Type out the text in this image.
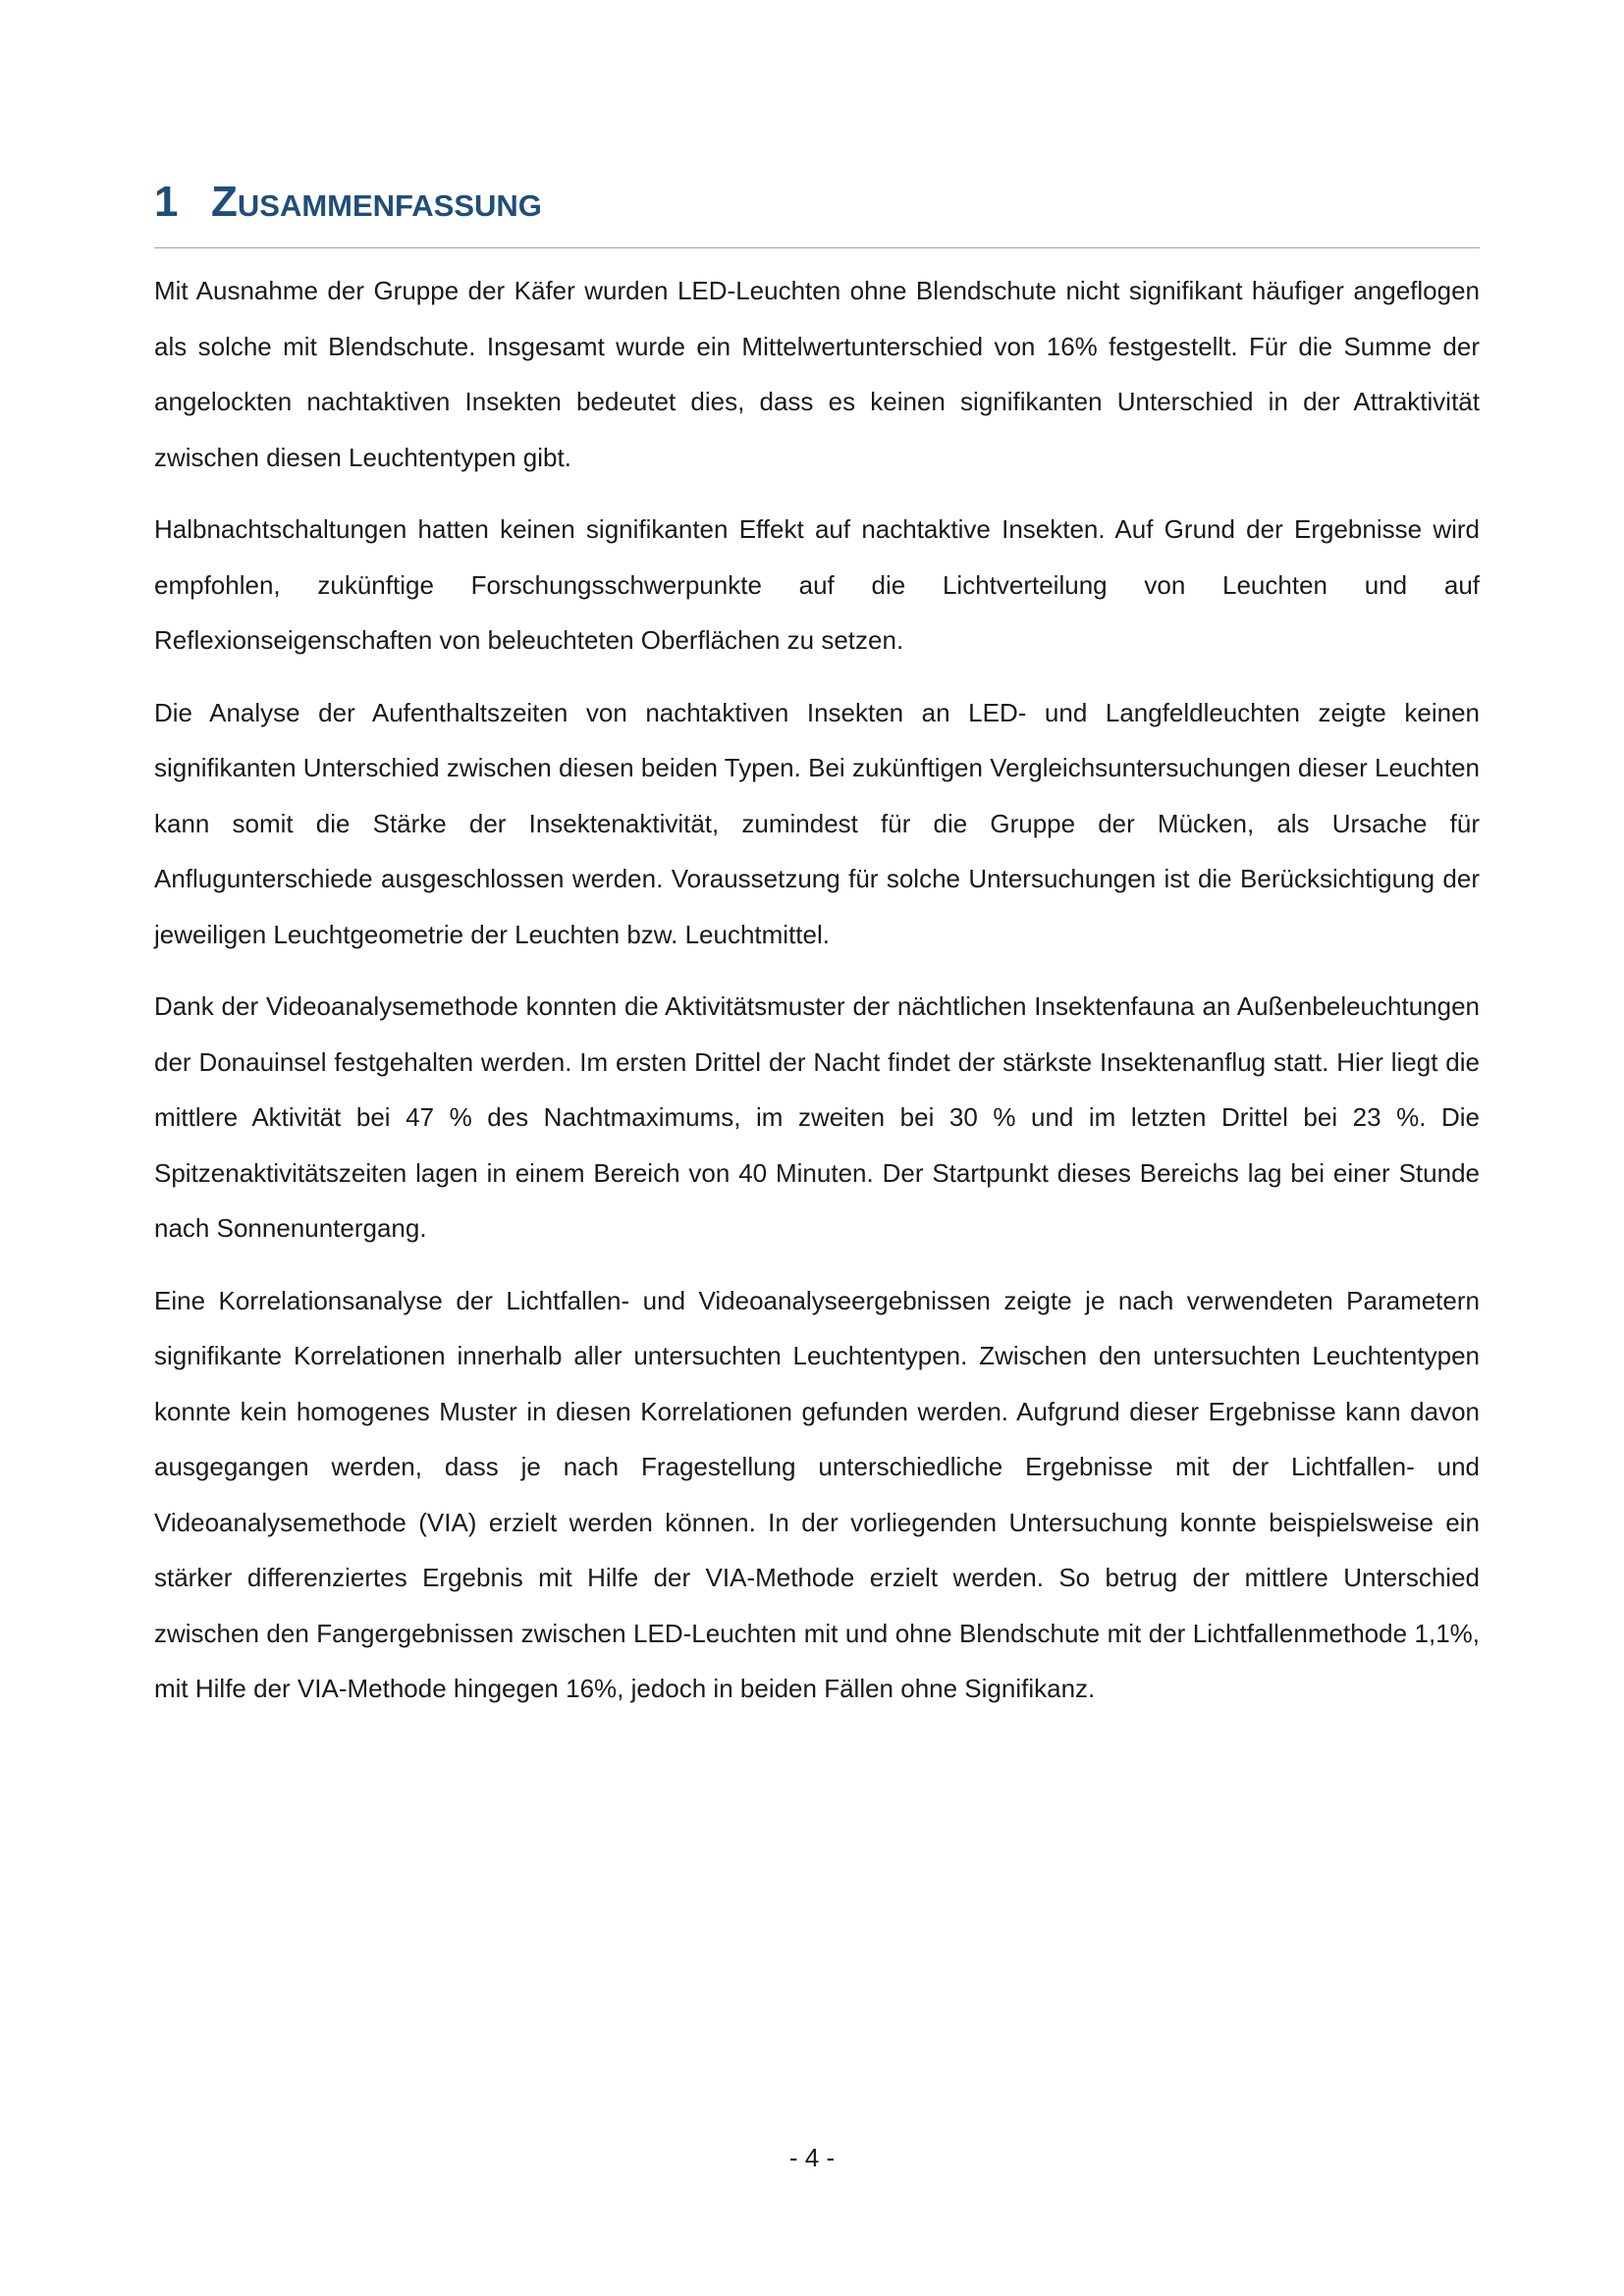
1 Zusammenfassung

Mit Ausnahme der Gruppe der Käfer wurden LED-Leuchten ohne Blendschute nicht signifikant häufiger angeflogen als solche mit Blendschute. Insgesamt wurde ein Mittelwertunterschied von 16% festgestellt. Für die Summe der angelockten nachtaktiven Insekten bedeutet dies, dass es keinen signifikanten Unterschied in der Attraktivität zwischen diesen Leuchtentypen gibt.

Halbnachtschaltungen hatten keinen signifikanten Effekt auf nachtaktive Insekten. Auf Grund der Ergebnisse wird empfohlen, zukünftige Forschungsschwerpunkte auf die Lichtverteilung von Leuchten und auf Reflexionseigenschaften von beleuchteten Oberflächen zu setzen.

Die Analyse der Aufenthaltszeiten von nachtaktiven Insekten an LED- und Langfeldleuchten zeigte keinen signifikanten Unterschied zwischen diesen beiden Typen. Bei zukünftigen Vergleichsuntersuchungen dieser Leuchten kann somit die Stärke der Insektenaktivität, zumindest für die Gruppe der Mücken, als Ursache für Anflugunterschiede ausgeschlossen werden. Voraussetzung für solche Untersuchungen ist die Berücksichtigung der jeweiligen Leuchtgeometrie der Leuchten bzw. Leuchtmittel.

Dank der Videoanalysemethode konnten die Aktivitätsmuster der nächtlichen Insektenfauna an Außenbeleuchtungen der Donauinsel festgehalten werden. Im ersten Drittel der Nacht findet der stärkste Insektenanflug statt. Hier liegt die mittlere Aktivität bei 47 % des Nachtmaximums, im zweiten bei 30 % und im letzten Drittel bei 23 %. Die Spitzenaktivitätszeiten lagen in einem Bereich von 40 Minuten. Der Startpunkt dieses Bereichs lag bei einer Stunde nach Sonnenuntergang.

Eine Korrelationsanalyse der Lichtfallen- und Videoanalyseergebnissen zeigte je nach verwendeten Parametern signifikante Korrelationen innerhalb aller untersuchten Leuchtentypen. Zwischen den untersuchten Leuchtentypen konnte kein homogenes Muster in diesen Korrelationen gefunden werden. Aufgrund dieser Ergebnisse kann davon ausgegangen werden, dass je nach Fragestellung unterschiedliche Ergebnisse mit der Lichtfallen- und Videoanalysemethode (VIA) erzielt werden können. In der vorliegenden Untersuchung konnte beispielsweise ein stärker differenziertes Ergebnis mit Hilfe der VIA-Methode erzielt werden. So betrug der mittlere Unterschied zwischen den Fangergebnissen zwischen LED-Leuchten mit und ohne Blendschute mit der Lichtfallenmethode 1,1%, mit Hilfe der VIA-Methode hingegen 16%, jedoch in beiden Fällen ohne Signifikanz.

- 4 -
